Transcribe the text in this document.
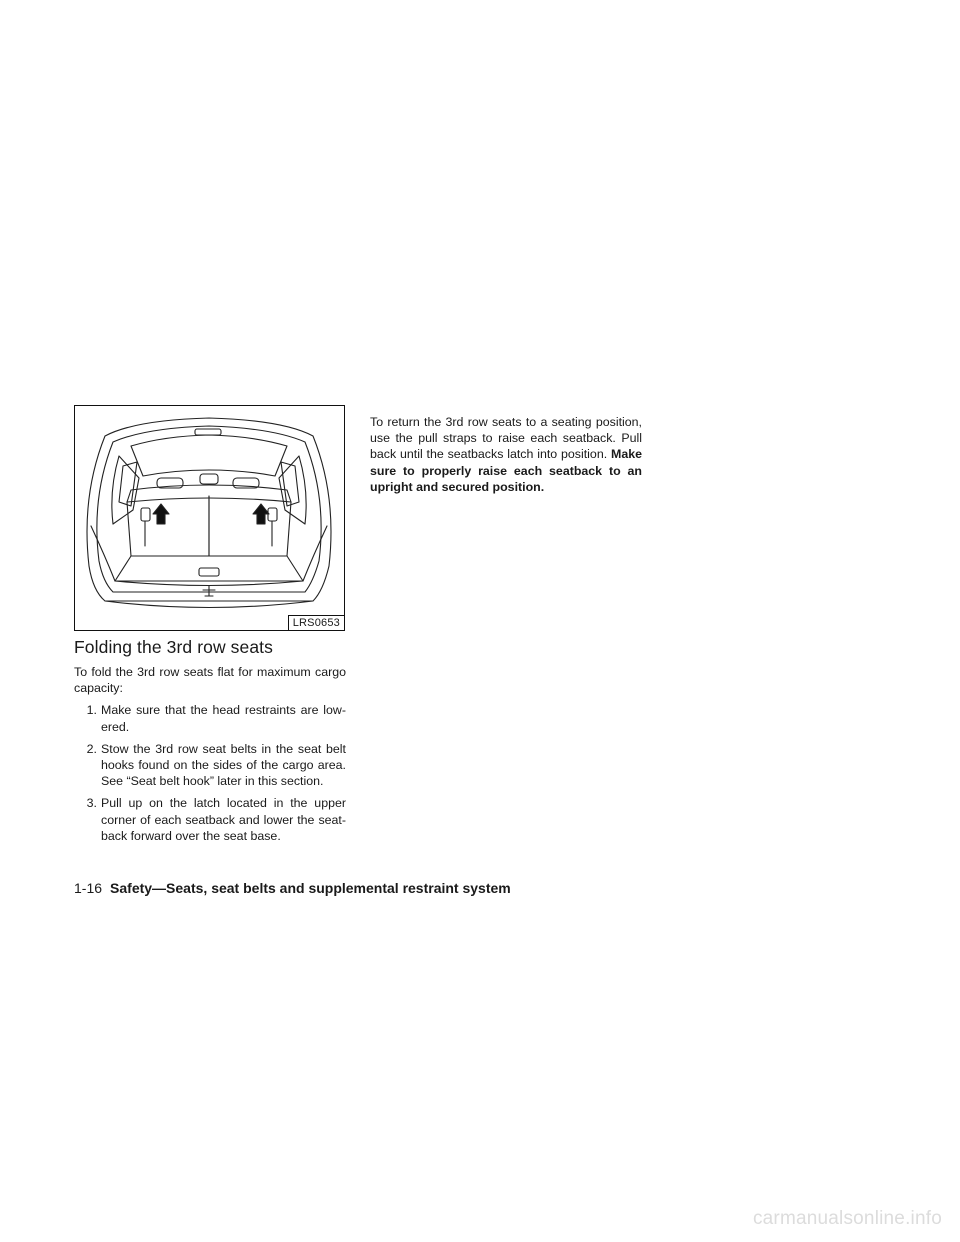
LRS0653
Folding the 3rd row seats
To fold the 3rd row seats flat for maximum cargo capacity:
1. Make sure that the head restraints are low-ered.
2. Stow the 3rd row seat belts in the seat belt hooks found on the sides of the cargo area. See “Seat belt hook” later in this section.
3. Pull up on the latch located in the upper corner of each seatback and lower the seat-back forward over the seat base.
To return the 3rd row seats to a seating position, use the pull straps to raise each seatback. Pull back until the seatbacks latch into position. Make sure to properly raise each seatback to an upright and secured position.
1-16 Safety—Seats, seat belts and supplemental restraint system
carmanualsonline.info
